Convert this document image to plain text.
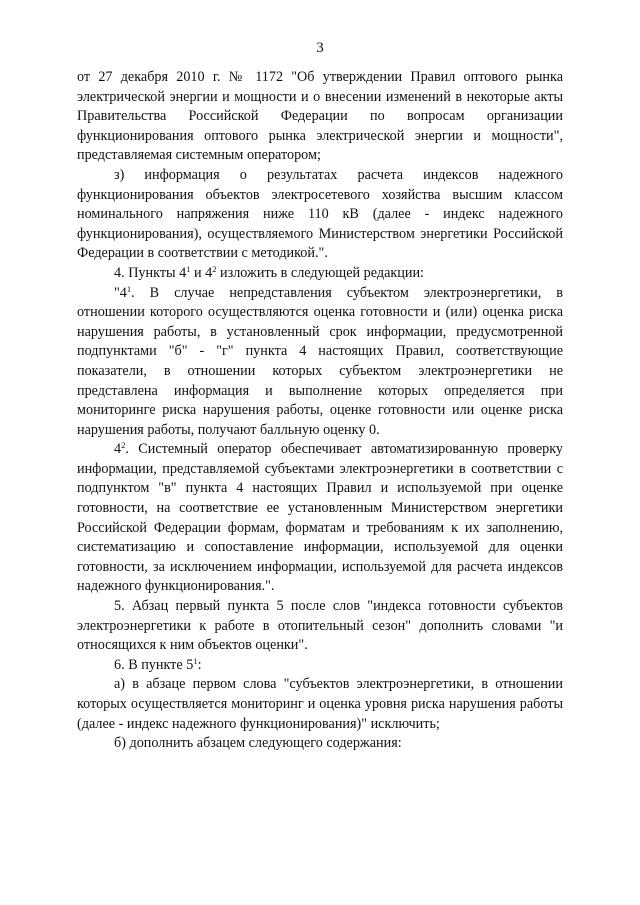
3

от 27 декабря 2010 г. № 1172 "Об утверждении Правил оптового рынка электрической энергии и мощности и о внесении изменений в некоторые акты Правительства Российской Федерации по вопросам организации функционирования оптового рынка электрической энергии и мощности", представляемая системным оператором;

з) информация о результатах расчета индексов надежного функционирования объектов электросетевого хозяйства высшим классом номинального напряжения ниже 110 кВ (далее - индекс надежного функционирования), осуществляемого Министерством энергетики Российской Федерации в соответствии с методикой.".

4. Пункты $4^1$ и $4^2$ изложить в следующей редакции:

"$4^1$. В случае непредставления субъектом электроэнергетики, в отношении которого осуществляются оценка готовности и (или) оценка риска нарушения работы, в установленный срок информации, предусмотренной подпунктами "б" - "г" пункта 4 настоящих Правил, соответствующие показатели, в отношении которых субъектом электроэнергетики не представлена информация и выполнение которых определяется при мониторинге риска нарушения работы, оценке готовности или оценке риска нарушения работы, получают балльную оценку 0.

$4^2$. Системный оператор обеспечивает автоматизированную проверку информации, представляемой субъектами электроэнергетики в соответствии с подпунктом "в" пункта 4 настоящих Правил и используемой при оценке готовности, на соответствие ее установленным Министерством энергетики Российской Федерации формам, форматам и требованиям к их заполнению, систематизацию и сопоставление информации, используемой для оценки готовности, за исключением информации, используемой для расчета индексов надежного функционирования.".

5. Абзац первый пункта 5 после слов "индекса готовности субъектов электроэнергетики к работе в отопительный сезон" дополнить словами "и относящихся к ним объектов оценки".

6. В пункте $5^1$:

а) в абзаце первом слова "субъектов электроэнергетики, в отношении которых осуществляется мониторинг и оценка уровня риска нарушения работы (далее - индекс надежного функционирования)" исключить;

б) дополнить абзацем следующего содержания:
